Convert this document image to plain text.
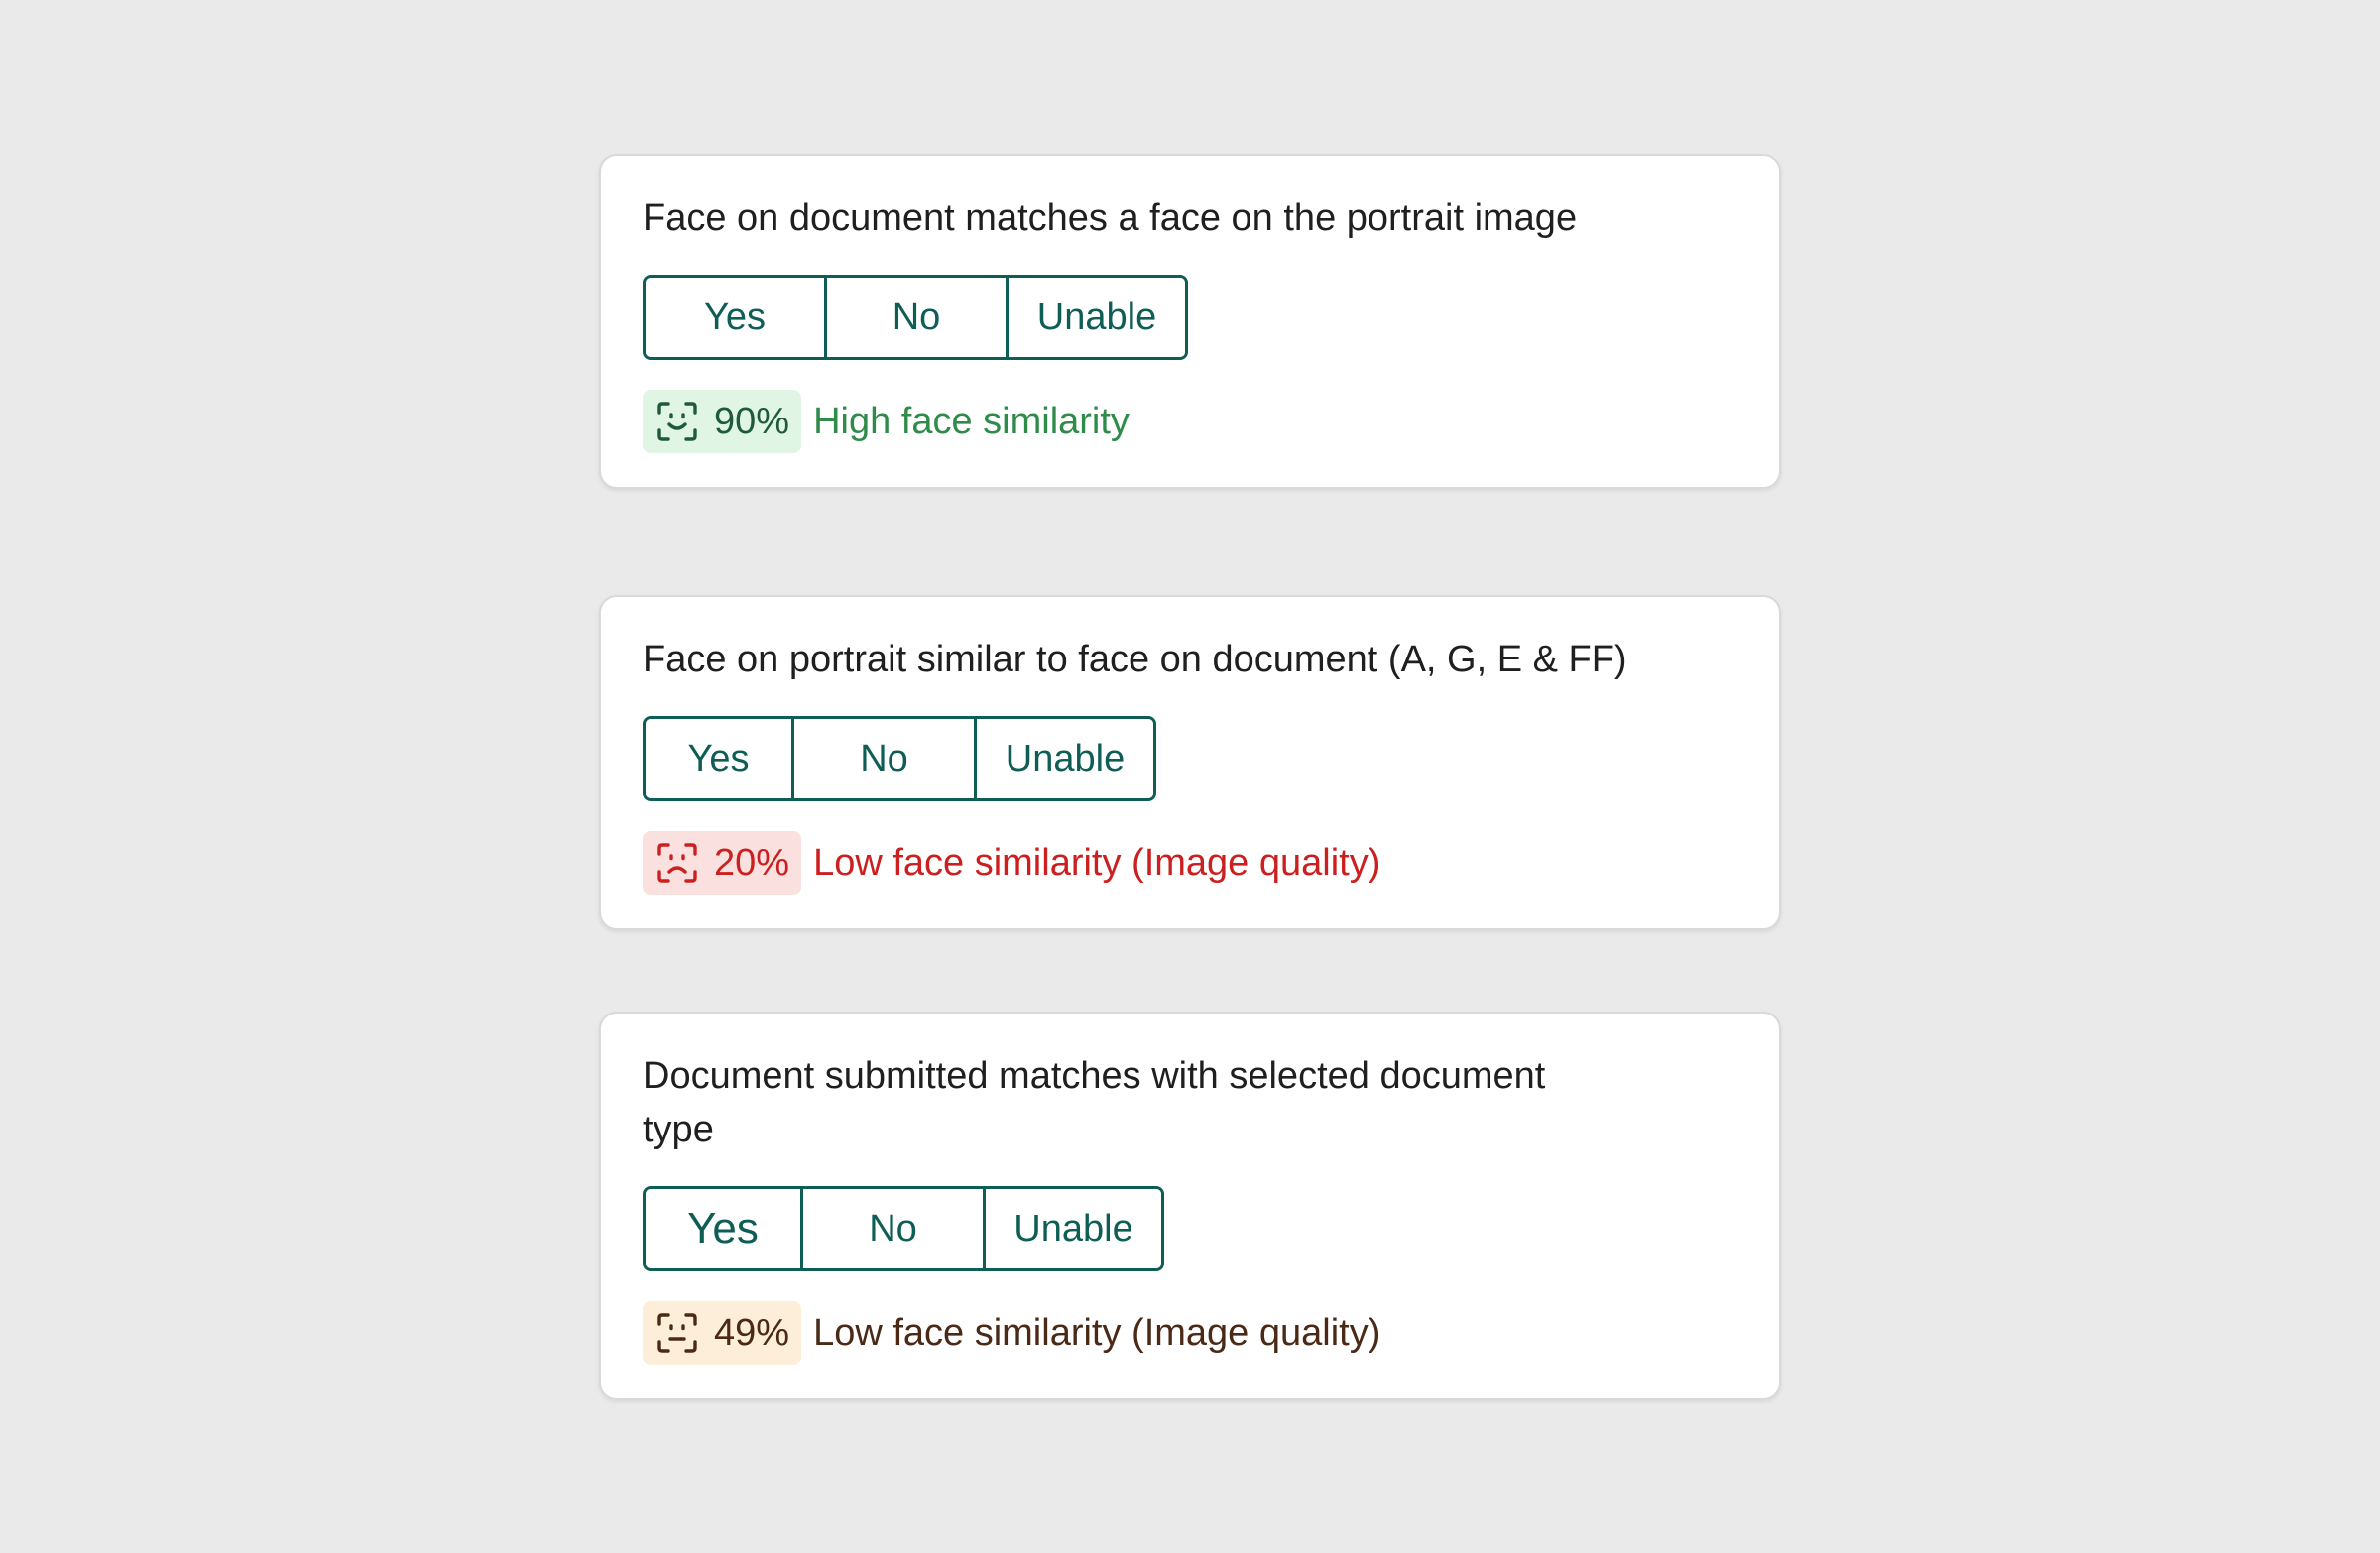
Face on document matches a face on the portrait image
Yes	No	Unable
90% High face similarity
Face on portrait similar to face on document (A, G, E & FF)
Yes	No	Unable
20% Low face similarity (Image quality)
Document submitted matches with selected document
type
Yes	No	Unable
49% Low face similarity (Image quality)
